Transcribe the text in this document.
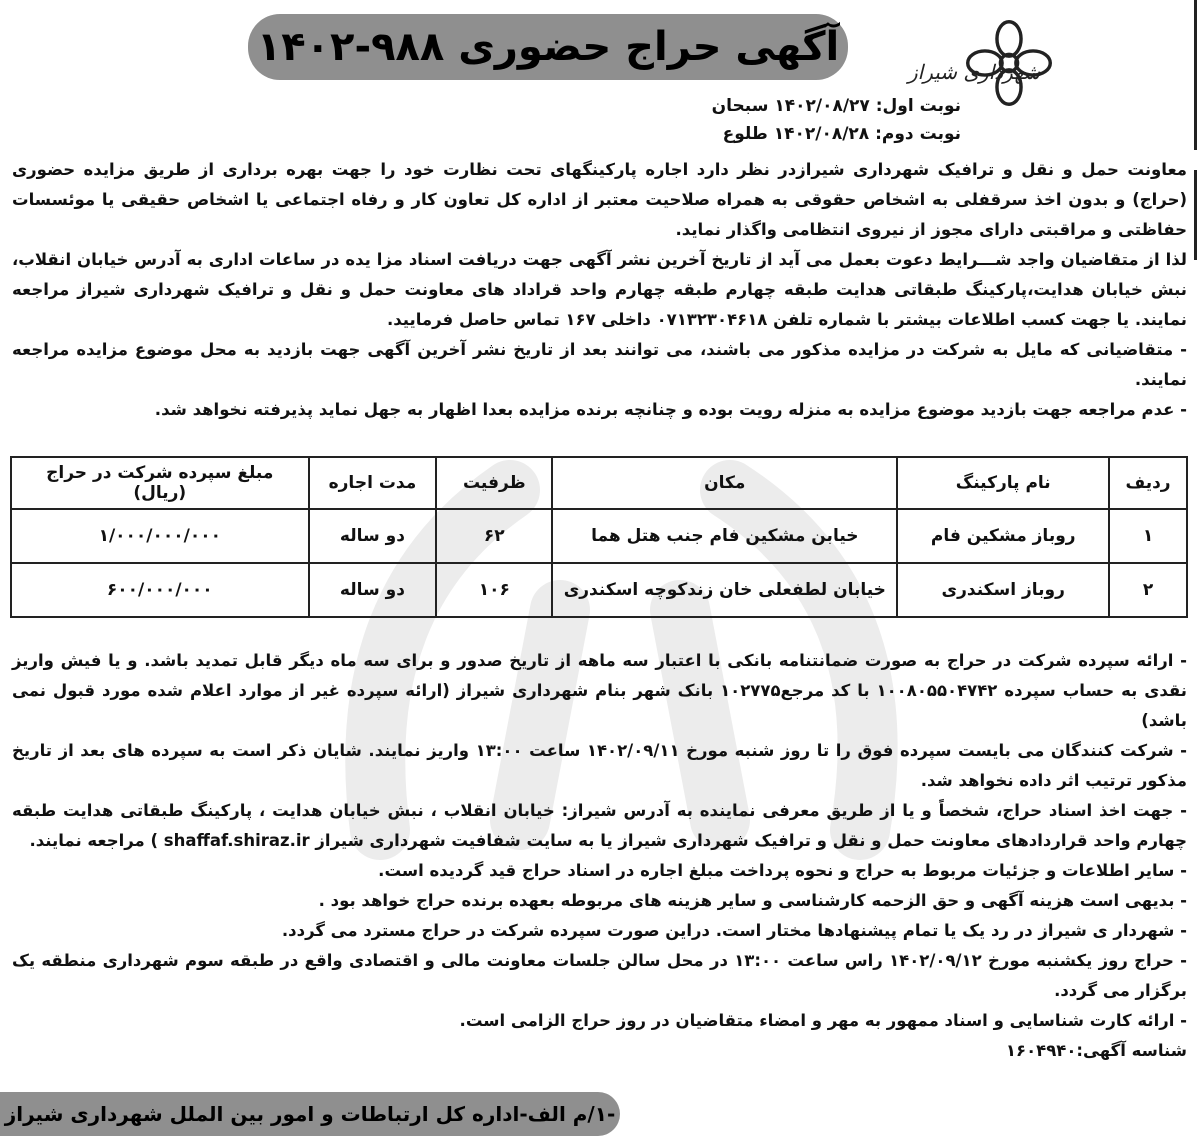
آگهی حراج حضوری ۹۸۸-۱۴۰۲
شهرداری شیراز

نوبت اول: ۱۴۰۲/۰۸/۲۷ سبحان

نوبت دوم: ۱۴۰۲/۰۸/۲۸ طلوع

معاونت حمل و نقل و ترافیک شهرداری شیرازدر نظر دارد اجاره پارکینگهای تحت نظارت خود را جهت بهره برداری از طریق مزایده حضوری (حراج) و بدون اخذ سرقفلی به اشخاص حقوقی به همراه صلاحیت معتبر از اداره کل تعاون کار و رفاه اجتماعی یا اشخاص حقیقی یا موئسسات حفاظتی و مراقبتی دارای مجوز از نیروی انتظامی واگذار نماید.

لذا از متقاضیان واجد شـــرایط دعوت بعمل می آید از تاریخ آخرین نشر آگهی جهت دریافت اسناد مزا یده در ساعات اداری به آدرس خیابان انقلاب، نبش خیابان هدایت،پارکینگ طبقاتی هدایت طبقه چهارم طبقه چهارم واحد قراداد های معاونت حمل و نقل و ترافیک شهرداری شیراز مراجعه نمایند. یا جهت کسب اطلاعات بیشتر با شماره تلفن ۰۷۱۳۲۳۰۴۶۱۸ داخلی ۱۶۷ تماس حاصل فرمایید.

- متقاضیانی که مایل به شرکت در مزایده مذکور می باشند، می توانند بعد از تاریخ نشر آخرین آگهی جهت بازدید به محل موضوع مزایده مراجعه نمایند.

- عدم مراجعه جهت بازدید موضوع مزایده به منزله رویت بوده و چنانچه برنده مزایده بعدا اظهار به جهل نماید پذیرفته نخواهد شد.

ردیف	نام پارکینگ	مکان	ظرفیت	مدت اجاره	مبلغ سپرده شرکت در حراج (ریال)
۱	روباز مشکین فام	خیابن مشکین فام جنب هتل هما	۶۲	دو ساله	۱/۰۰۰/۰۰۰/۰۰۰
۲	روباز اسکندری	خیابان لطفعلی خان زندکوچه اسکندری	۱۰۶	دو ساله	۶۰۰/۰۰۰/۰۰۰

- ارائه سپرده شرکت در حراج به صورت ضمانتنامه بانکی با اعتبار سه ماهه از تاریخ صدور و برای سه ماه دیگر قابل تمدید باشد. و یا فیش واریز نقدی به حساب سپرده ۱۰۰۸۰۵۵۰۴۷۴۲ با کد مرجع۱۰۲۷۷۵ بانک شهر بنام شهرداری شیراز (ارائه سپرده غیر از موارد اعلام شده مورد قبول نمی باشد)

- شرکت کنندگان می بایست سپرده فوق را تا روز شنبه مورخ ۱۴۰۲/۰۹/۱۱ ساعت ۱۳:۰۰ واریز نمایند. شایان ذکر است به سپرده های بعد از تاریخ مذکور ترتیب اثر داده نخواهد شد.

- جهت اخذ اسناد حراج، شخصاً و یا از طریق معرفی نماینده به آدرس شیراز: خیابان انقلاب ، نبش خیابان هدایت ، پارکینگ طبقاتی هدایت طبقه چهارم واحد قراردادهای معاونت حمل و نقل و ترافیک شهرداری شیراز یا به سایت شفافیت شهرداری شیراز shaffaf.shiraz.ir ) مراجعه نمایند.

- سایر اطلاعات و جزئیات مربوط به حراج و نحوه پرداخت مبلغ اجاره در اسناد حراج قید گردیده است.

- بدیهی است هزینه آگهی و حق الزحمه کارشناسی و سایر هزینه های مربوطه بعهده برنده حراج خواهد بود .

- شهردار ی شیراز در رد یک یا تمام پیشنهادها مختار است. دراین صورت سپرده شرکت در حراج مسترد می گردد.

- حراج روز یکشنبه مورخ ۱۴۰۲/۰۹/۱۲ راس ساعت ۱۳:۰۰ در محل سالن جلسات معاونت مالی و اقتصادی واقع در طبقه سوم شهرداری منطقه یک برگزار می گردد.

- ارائه کارت شناسایی و اسناد ممهور به مهر و امضاء متقاضیان در روز حراج الزامی است.

شناسه آگهی:۱۶۰۴۹۴۰

-۱/م الف-اداره کل ارتباطات و امور بین الملل شهرداری شیراز
